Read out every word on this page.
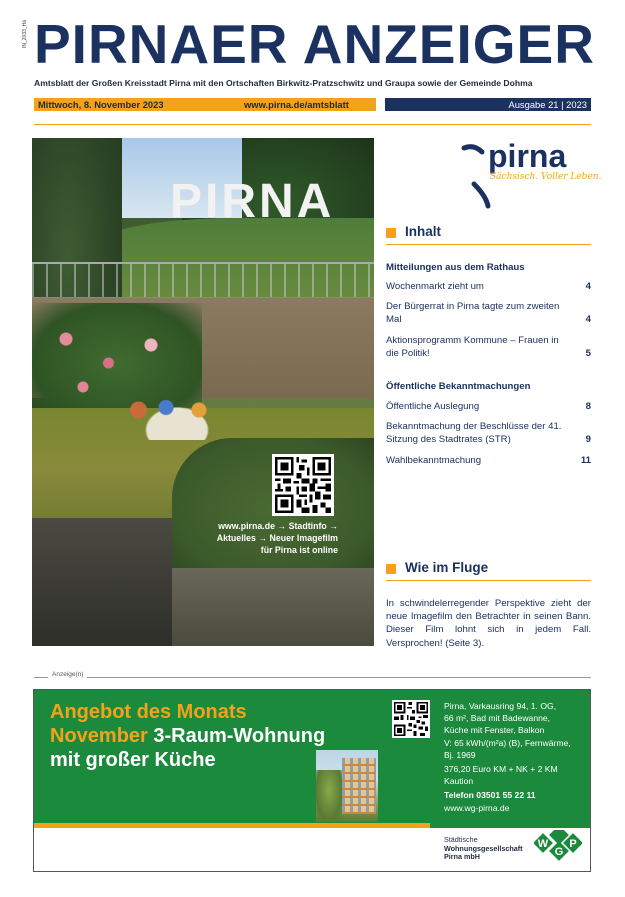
IN_2033_Hä PIRNAER ANZEIGER
Amtsblatt der Großen Kreisstadt Pirna mit den Ortschaften Birkwitz-Pratzschwitz und Graupa sowie der Gemeinde Dohma
Mittwoch, 8. November 2023	www.pirna.de/amtsblatt	Ausgabe 21 | 2023
PIRNA
www.pirna.de → Stadtinfo →
Aktuelles → Neuer Imagefilm
für Pirna ist online
pirna
Sächsisch. Voller Leben.
Inhalt
Mitteilungen aus dem Rathaus
Wochenmarkt zieht um	4
Der Bürgerrat in Pirna tagte zum zweiten Mal	4
Aktionsprogramm Kommune – Frauen in die Politik!	5
Öffentliche Bekanntmachungen
Öffentliche Auslegung	8
Bekanntmachung der Beschlüsse der 41. Sitzung des Stadtrates (STR)	9
Wahlbekanntmachung	11
Wie im Fluge
In schwindelerregender Perspektive zieht der neue Imagefilm den Betrachter in seinen Bann. Dieser Film lohnt sich in jedem Fall. Versprochen! (Seite 3).
Anzeige(n)
Angebot des Monats
November 3-Raum-Wohnung
mit großer Küche
Pirna, Varkausring 94, 1. OG,
66 m², Bad mit Badewanne,
Küche mit Fenster, Balkon
V: 65 kWh/(m²a) (B), Fernwärme,
Bj. 1969
376,20 Euro KM + NK + 2 KM
Kaution
Telefon 03501 55 22 11
www.wg-pirna.de
Städtische
Wohnungsgesellschaft
Pirna mbH
W
G
P
